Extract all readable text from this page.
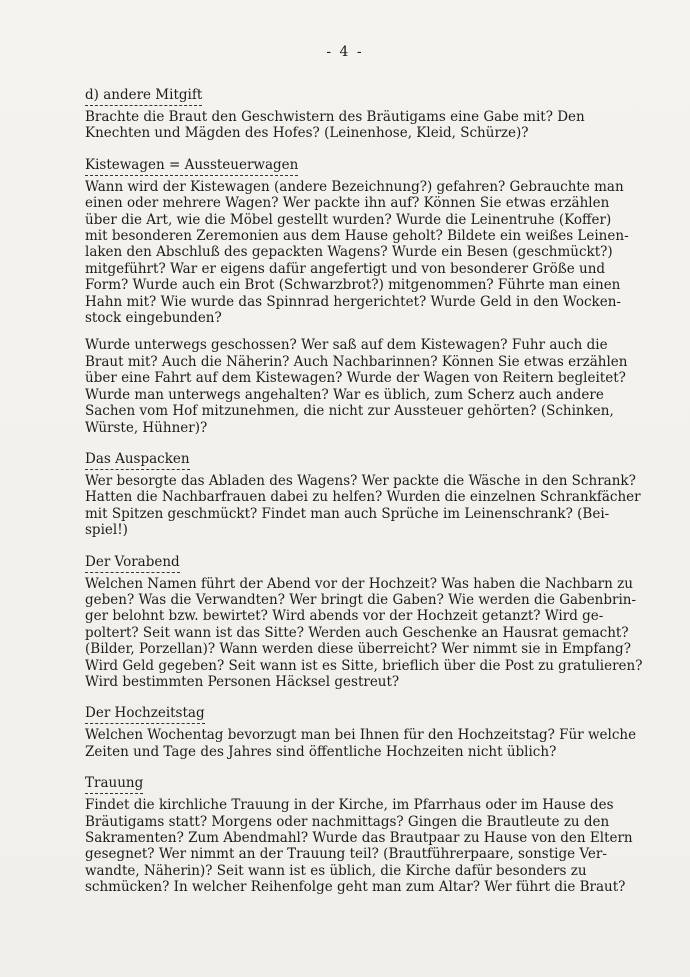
- 4 -
d) andere Mitgift
Brachte die Braut den Geschwistern des Bräutigams eine Gabe mit? Den
Knechten und Mägden des Hofes? (Leinenhose, Kleid, Schürze)?
Kistewagen = Aussteuerwagen
Wann wird der Kistewagen (andere Bezeichnung?) gefahren? Gebrauchte man
einen oder mehrere Wagen? Wer packte ihn auf? Können Sie etwas erzählen
über die Art, wie die Möbel gestellt wurden? Wurde die Leinentruhe (Koffer)
mit besonderen Zeremonien aus dem Hause geholt? Bildete ein weißes Leinen-
laken den Abschluß des gepackten Wagens? Wurde ein Besen (geschmückt?)
mitgeführt? War er eigens dafür angefertigt und von besonderer Größe und
Form? Wurde auch ein Brot (Schwarzbrot?) mitgenommen? Führte man einen
Hahn mit? Wie wurde das Spinnrad hergerichtet? Wurde Geld in den Wocken-
stock eingebunden?
Wurde unterwegs geschossen? Wer saß auf dem Kistewagen? Fuhr auch die
Braut mit? Auch die Näherin? Auch Nachbarinnen? Können Sie etwas erzählen
über eine Fahrt auf dem Kistewagen? Wurde der Wagen von Reitern begleitet?
Wurde man unterwegs angehalten? War es üblich, zum Scherz auch andere
Sachen vom Hof mitzunehmen, die nicht zur Aussteuer gehörten? (Schinken,
Würste, Hühner)?
Das Auspacken
Wer besorgte das Abladen des Wagens? Wer packte die Wäsche in den Schrank?
Hatten die Nachbarfrauen dabei zu helfen? Wurden die einzelnen Schrankfächer
mit Spitzen geschmückt? Findet man auch Sprüche im Leinenschrank? (Bei-
spiel!)
Der Vorabend
Welchen Namen führt der Abend vor der Hochzeit? Was haben die Nachbarn zu
geben? Was die Verwandten? Wer bringt die Gaben? Wie werden die Gabenbrin-
ger belohnt bzw. bewirtet? Wird abends vor der Hochzeit getanzt? Wird ge-
poltert? Seit wann ist das Sitte? Werden auch Geschenke an Hausrat gemacht?
(Bilder, Porzellan)? Wann werden diese überreicht? Wer nimmt sie in Empfang?
Wird Geld gegeben? Seit wann ist es Sitte, brieflich über die Post zu gratulieren?
Wird bestimmten Personen Häcksel gestreut?
Der Hochzeitstag
Welchen Wochentag bevorzugt man bei Ihnen für den Hochzeitstag? Für welche
Zeiten und Tage des Jahres sind öffentliche Hochzeiten nicht üblich?
Trauung
Findet die kirchliche Trauung in der Kirche, im Pfarrhaus oder im Hause des
Bräutigams statt? Morgens oder nachmittags? Gingen die Brautleute zu den
Sakramenten? Zum Abendmahl? Wurde das Brautpaar zu Hause von den Eltern
gesegnet? Wer nimmt an der Trauung teil? (Brautführerpaare, sonstige Ver-
wandte, Näherin)? Seit wann ist es üblich, die Kirche dafür besonders zu
schmücken? In welcher Reihenfolge geht man zum Altar? Wer führt die Braut?
